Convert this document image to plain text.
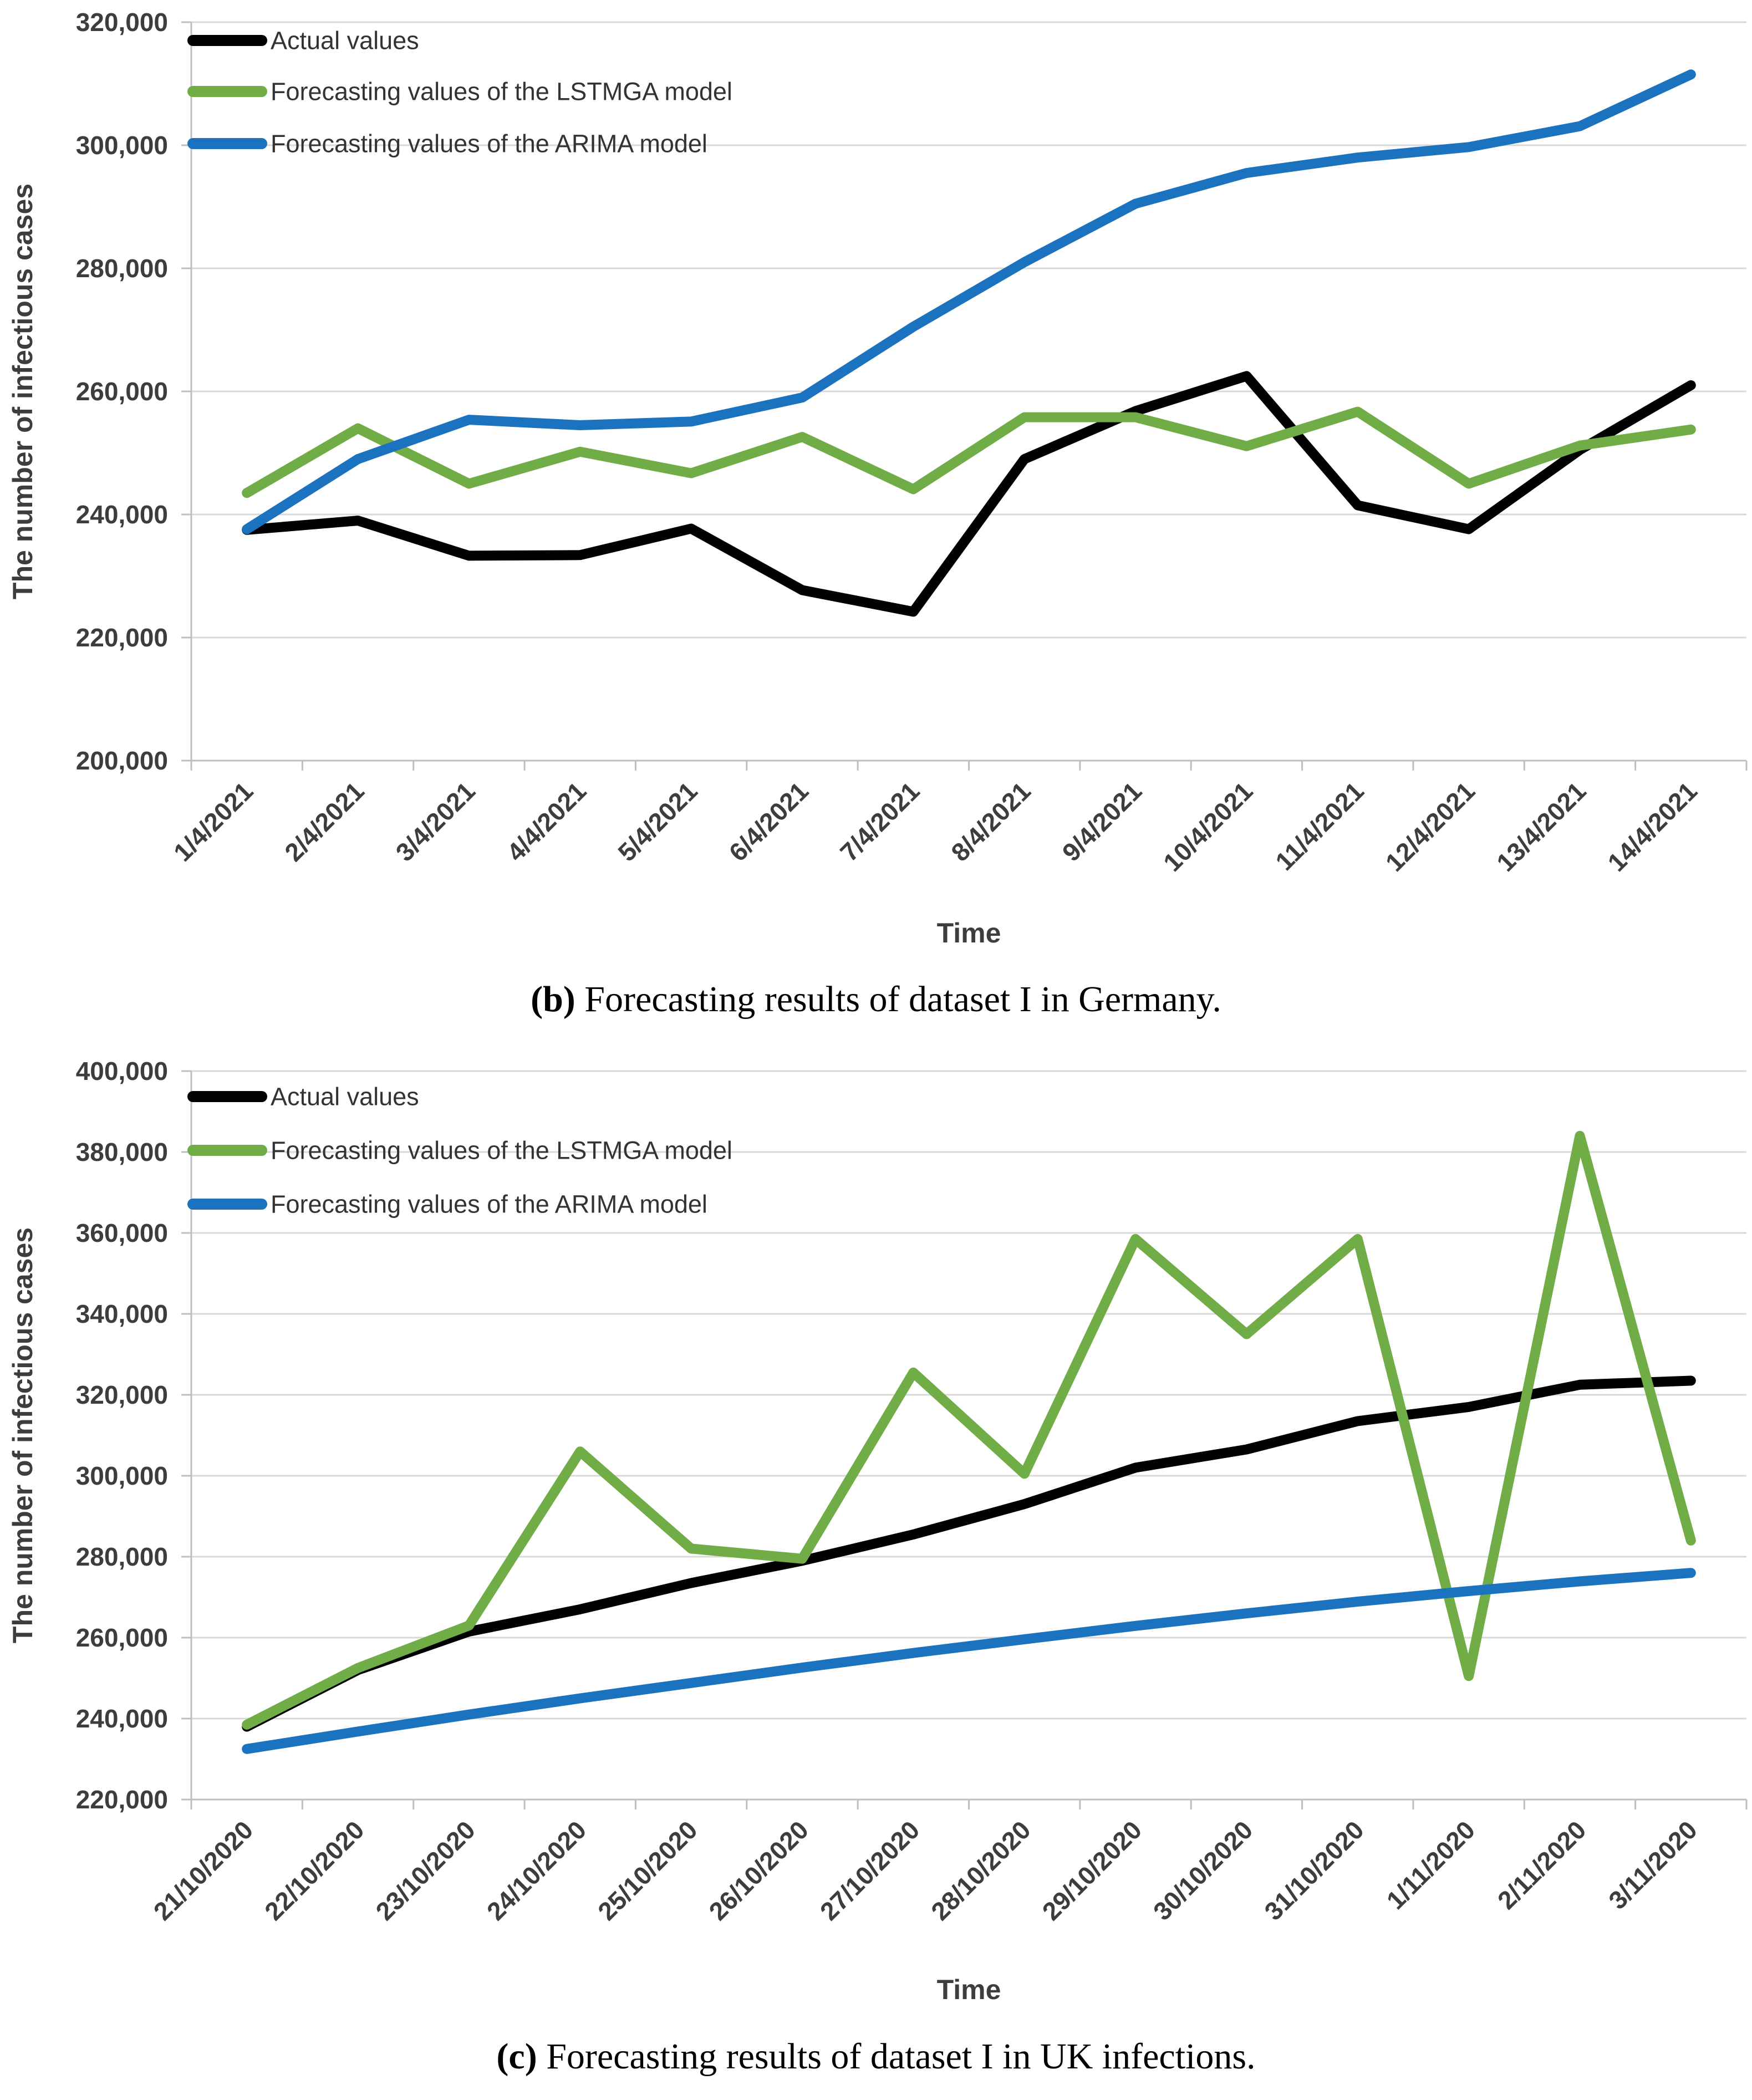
200,000
220,000
240,000
260,000
280,000
300,000
320,000
1/4/2021 2/4/2021 3/4/2021 4/4/2021 5/4/2021 6/4/2021 7/4/2021 8/4/2021 9/4/2021 10/4/2021 11/4/2021 12/4/2021 13/4/2021 14/4/2021
Actual values
Forecasting values of the LSTMGA model
Forecasting values of the ARIMA model
The number of infectious cases
Time
(b) Forecasting results of dataset I in Germany.
220,000
240,000
260,000
280,000
300,000
320,000
340,000
360,000
380,000
400,000
21/10/2020 22/10/2020 23/10/2020 24/10/2020 25/10/2020 26/10/2020 27/10/2020 28/10/2020 29/10/2020 30/10/2020 31/10/2020 1/11/2020 2/11/2020 3/11/2020
Actual values
Forecasting values of the LSTMGA model
Forecasting values of the ARIMA model
The number of infectious cases
Time
(c) Forecasting results of dataset I in UK infections.
